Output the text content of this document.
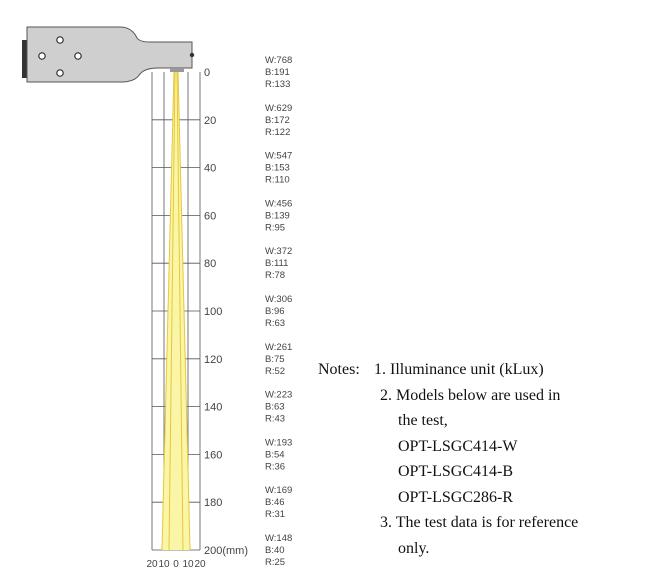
0
20
40
60
80
100
120
140
160
180
200(mm)
20 10 0 10 20
W:768
B:191
R:133
W:629
B:172
R:122
W:547
B:153
R:110
W:456
B:139
R:95
W:372
B:111
R:78
W:306
B:96
R:63
W:261
B:75
R:52
W:223
B:63
R:43
W:193
B:54
R:36
W:169
B:46
R:31
W:148
B:40
R:25
Notes: 1. Illuminance unit (kLux)
2. Models below are used in
the test,
OPT-LSGC414-W
OPT-LSGC414-B
OPT-LSGC286-R
3. The test data is for reference
only.
